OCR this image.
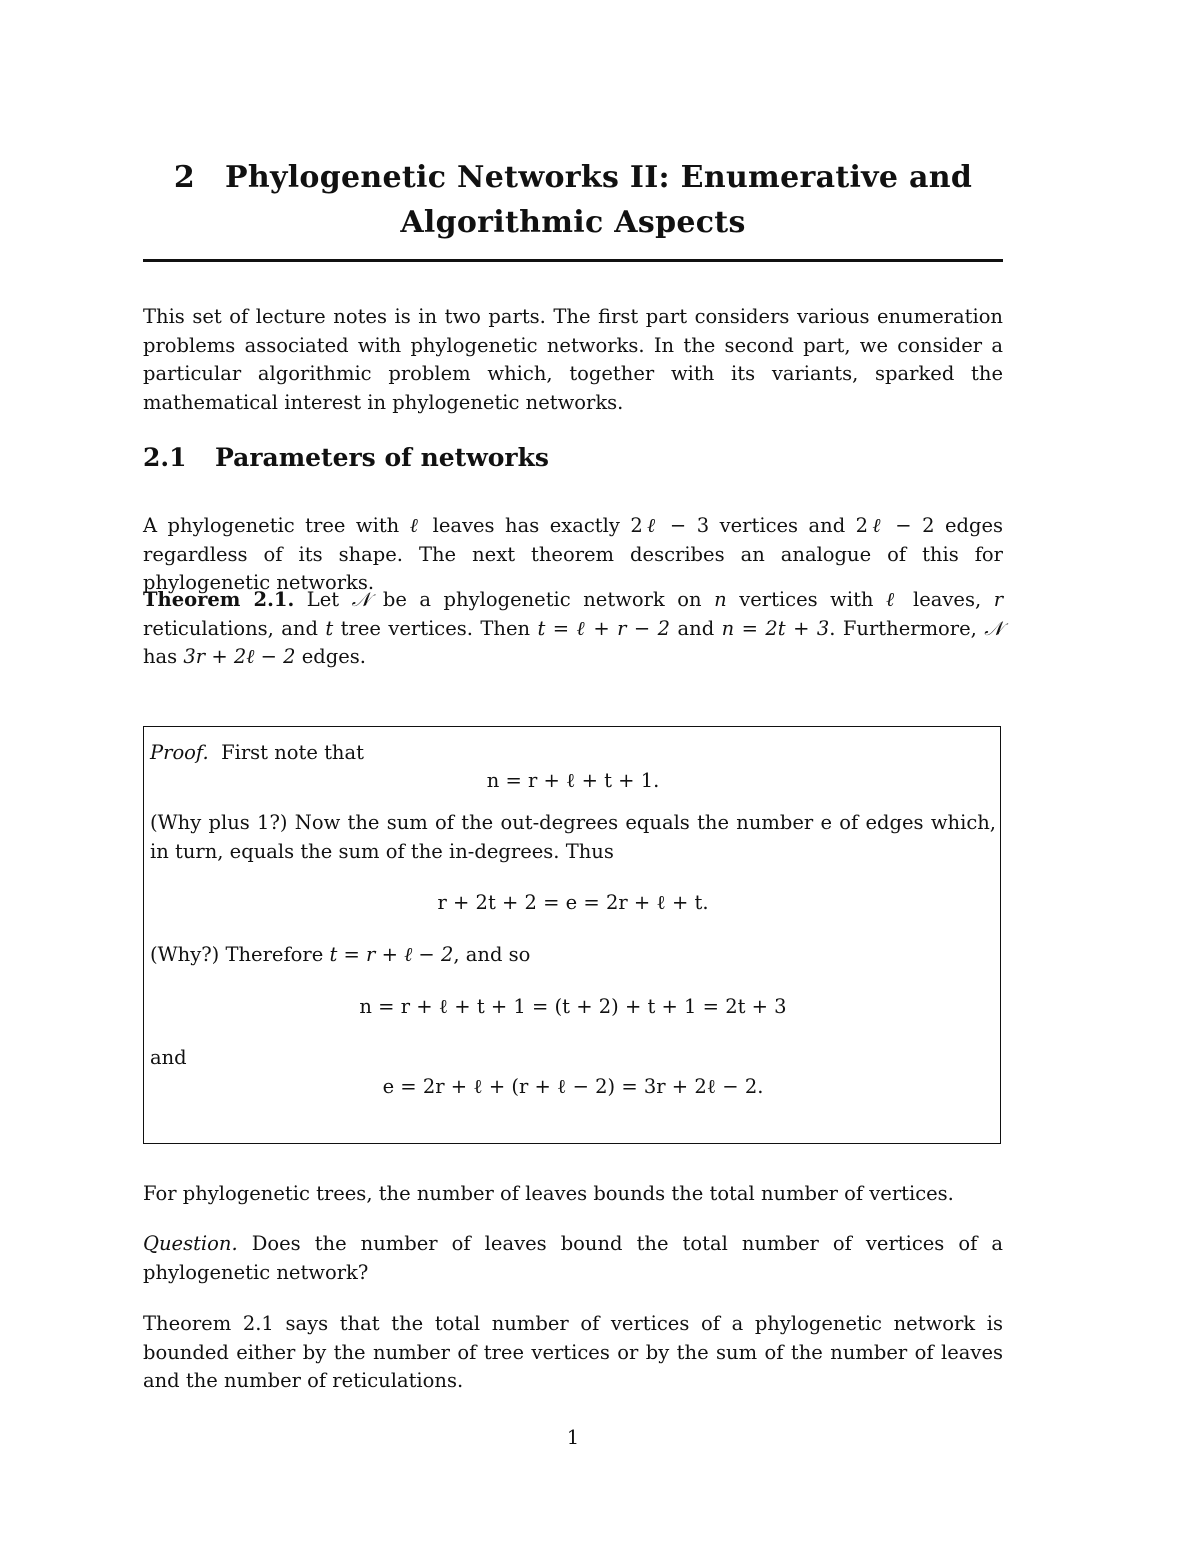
2 Phylogenetic Networks II: Enumerative and
Algorithmic Aspects

This set of lecture notes is in two parts. The first part considers various enumeration problems associated with phylogenetic networks. In the second part, we consider a particular algorithmic problem which, together with its variants, sparked the mathematical interest in phylogenetic networks.

2.1 Parameters of networks

A phylogenetic tree with ℓ leaves has exactly 2ℓ − 3 vertices and 2ℓ − 2 edges regardless of its shape. The next theorem describes an analogue of this for phylogenetic networks.

Theorem 2.1. Let 𝒩 be a phylogenetic network on n vertices with ℓ leaves, r reticulations, and t tree vertices. Then t = ℓ + r − 2 and n = 2t + 3. Furthermore, 𝒩 has 3r + 2ℓ − 2 edges.

Proof. First note that
n = r + ℓ + t + 1.
(Why plus 1?) Now the sum of the out-degrees equals the number e of edges which, in turn, equals the sum of the in-degrees. Thus
r + 2t + 2 = e = 2r + ℓ + t.
(Why?) Therefore t = r + ℓ − 2, and so
n = r + ℓ + t + 1 = (t + 2) + t + 1 = 2t + 3
and
e = 2r + ℓ + (r + ℓ − 2) = 3r + 2ℓ − 2.

For phylogenetic trees, the number of leaves bounds the total number of vertices.

Question. Does the number of leaves bound the total number of vertices of a phylogenetic network?

Theorem 2.1 says that the total number of vertices of a phylogenetic network is bounded either by the number of tree vertices or by the sum of the number of leaves and the number of reticulations.

1
